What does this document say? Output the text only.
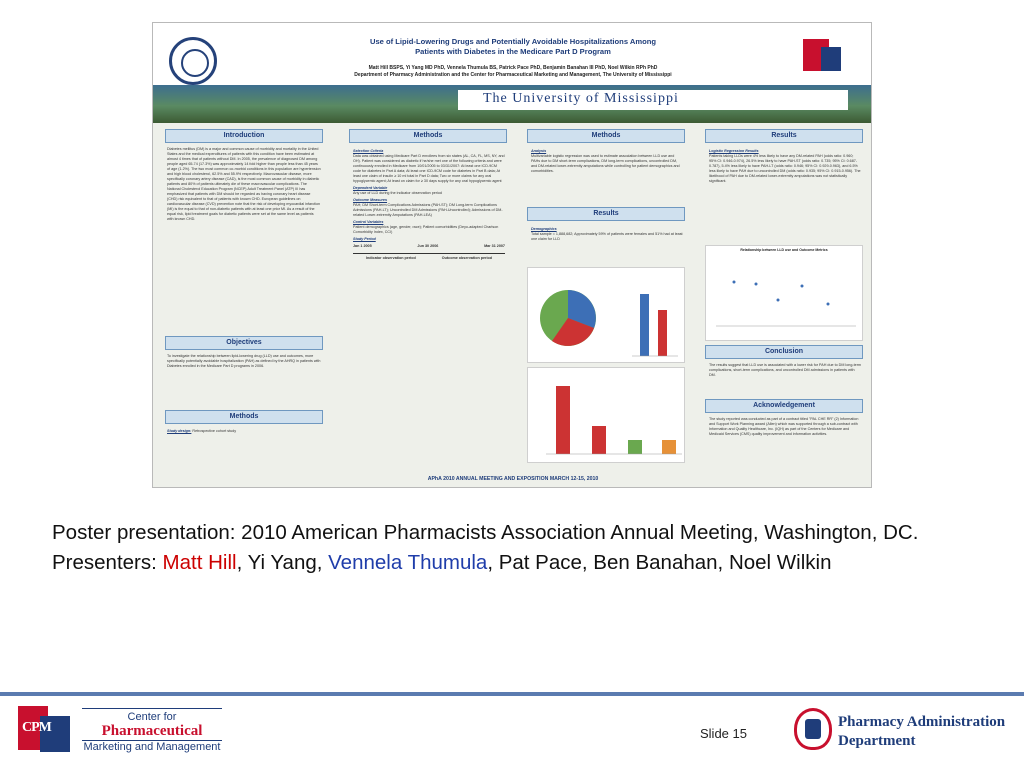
Use of Lipid-Lowering Drugs and Potentially Avoidable Hospitalizations Among
Patients with Diabetes in the Medicare Part D Program
Matt Hill BSPS, Yi Yang MD PhD, Vennela Thumula BS, Patrick Pace PhD, Benjamin Banahan III PhD, Noel Wilkin RPh PhD
Department of Pharmacy Administration and the Center for Pharmaceutical Marketing and Management, The University of Mississippi
The University of Mississippi
Introduction

Diabetes mellitus (DM) is a major and common cause of morbidity and mortality in the United States and the medical expenditures of patients with this condition have been estimated at almost 4 times that of patients without DM. In 2005, the prevalence of diagnosed DM among people aged 65-74 (17.3%) was approximately 14 fold higher than people less than 45 years of age (1.2%). The two most common co-morbid conditions in this population are hypertension and high blood cholesterol, 62.5% and 55.9% respectively. Macrovascular disease, more specifically coronary artery disease (CAD), is the most common cause of morbidity in diabetic patients and 80% of patients ultimately die of these macrovascular complications. The National Cholesterol Education Program (NCEP) Adult Treatment Panel (ATP) III has emphasized that patients with DM should be regarded as having coronary heart disease (CHD) risk equivalent to that of patients with known CHD. European guidelines on cardiovascular disease (CVD) prevention note that the risk of developing myocardial infarction (MI) is the equal to that of non-diabetic patients with at least one prior MI. As a result of the equal risk, lipid treatment goals for diabetic patients were set at the same level as patients with known CHD.

Objectives

To investigate the relationship between lipid-lowering drug (LLD) use and outcomes, more specifically potentially avoidable hospitalization (PAH) as defined by the AHRQ in patients with Diabetes enrolled in the Medicare Part D programs in 2006.

Methods

Study design: Retrospective cohort study

Methods
Selection Criteria

Data was obtained using Medicare Part D enrollees from six states (AL, CA, FL, MS, NY, and OH). Patient was considered as diabetic if he/she met one of the following criteria and were continuously enrolled in Medicare from 10/01/2005 to 03/31/2007: At least one ICD-9CM code for diabetes in Part A data; At least one ICD-9CM code for diabetes in Part B data; At least one claim of insulin ≥ 10 ml total in Part D data; Two or more claims for any oral hypoglycemic agent; At least on claim for ≥ 30 days supply for any oral hypoglycemic agent

Dependent Variable

Any use of LLD during the indicator observation period

Outcome Measures

PAH; DM Short-term Complications Admissions (PAH-ST); DM Long-term Complications Admissions (PAH-LT); Uncontrolled DM Admissions (PAH-Uncontrolled); Admissions of DM-related Lower-extremity Amputations (PAH-LEA)

Control Variables

Patient demographics (age, gender, race); Patient comorbidities (Deyo-adapted Charlson Comorbidity Index, CCI)

Study Period
Jan 1 2005	Jun 30 2006	Mar 31 2007
Indicator observation period	Outcome observation period
Methods
Analysis

Multivariable logistic regression was used to estimate association between LLD use and PAHs due to DM short-term complications, DM long-term complications, uncontrolled DM, and DM-related lower-extremity amputations while controlling for patient demographics and comorbidities.

Results
Demographics

Total sample = 1,888,682; Approximately 59% of patients were females and 51% had at least one claim for LLD

Results
Logistic Regression Results

Patients taking LLDs were 4% less likely to have any DM-related PAH (odds ratio: 0.960; 95% CI: 0.946-0.974), 26.5% less likely to have PAH-ST (odds ratio: 0.735; 95% CI: 0.687-0.787), 5.4% less likely to have PAH-LT (odds ratio: 0.946; 95% CI: 0.929-0.963), and 6.5% less likely to have PAH due to uncontrolled DM (odds ratio: 0.935; 95% CI: 0.915-0.956). The likelihood of PAH due to DM-related lower-extremity amputations was not statistically significant.

Relationship between LLD use and Outcome Metrics
Conclusion

The results suggest that LLD use is associated with a lower risk for PAH due to DM long-term complications, short-term complications, and uncontrolled DM admissions in patients with DM.

Acknowledgement

The study reported was conducted as part of a contract titled "PAL CHE RR" (2) Information and Support Work Planning award (Allen) which was supported through a sub-contract with Information and Quality Healthcare, Inc. (IQH) as part of the Centers for Medicare and Medicaid Services (CMS) quality improvement and information activities.

APhA 2010 ANNUAL MEETING AND EXPOSITION MARCH 12-15, 2010
Poster presentation: 2010 American Pharmacists Association Annual Meeting, Washington, DC.
Presenters: Matt Hill, Yi Yang, Vennela Thumula, Pat Pace, Ben Banahan, Noel Wilkin
CPM
Center for
Pharmaceutical
Marketing and Management
Slide 15
Pharmacy Administration
Department
